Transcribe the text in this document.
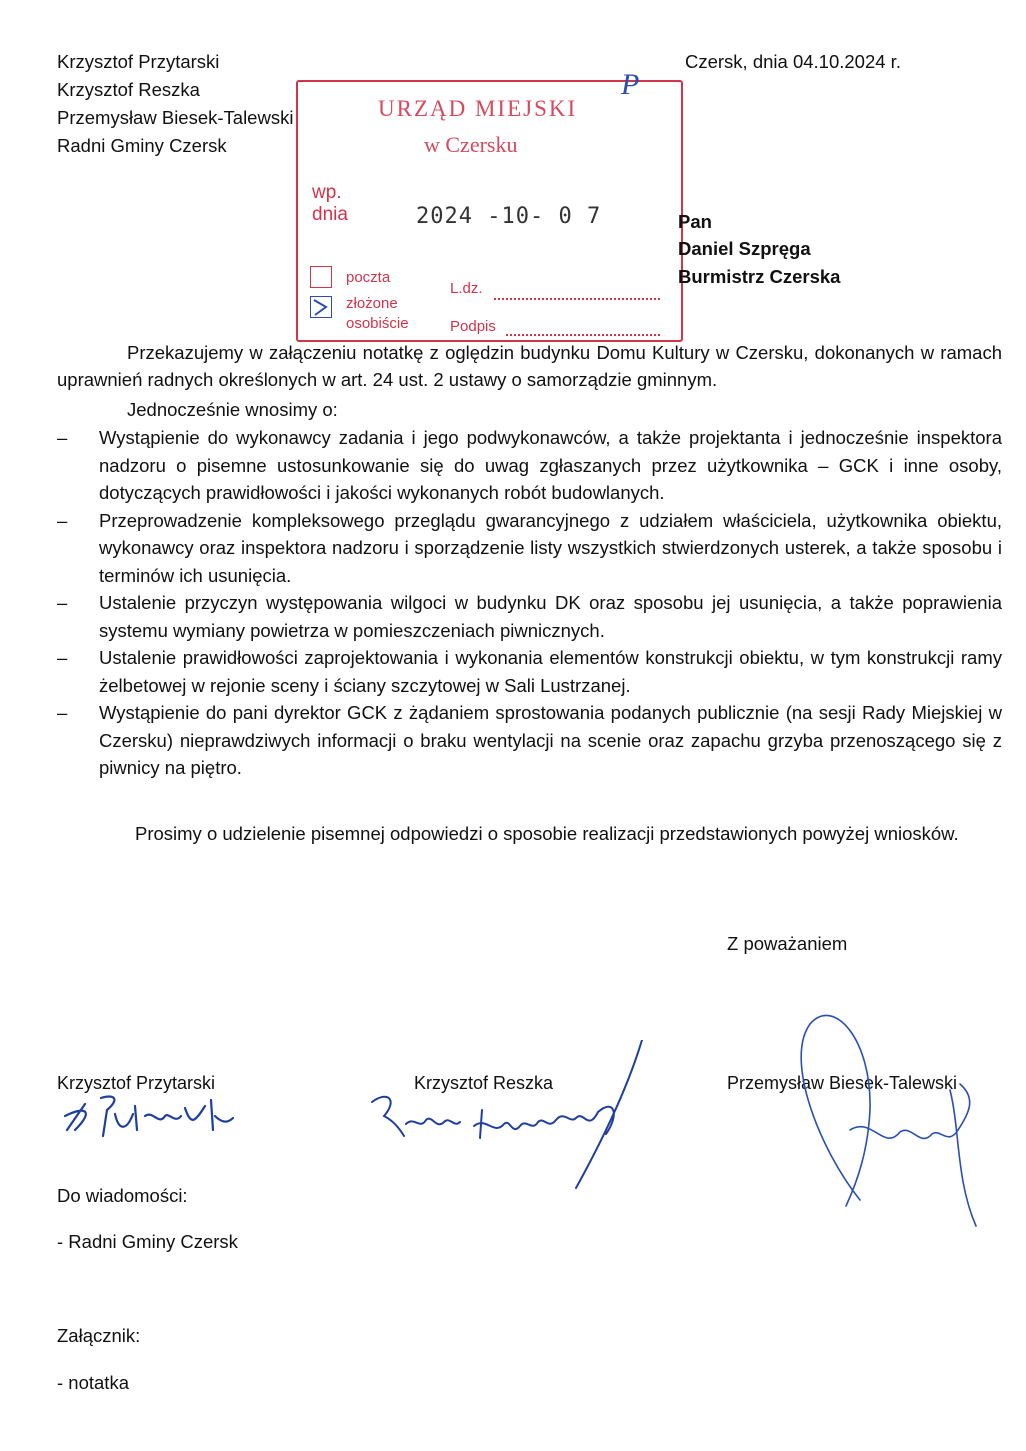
Krzysztof Przytarski
Krzysztof Reszka
Przemysław Biesek-Talewski
Radni Gminy Czersk
Czersk, dnia 04.10.2024 r.
URZĄD MIEJSKI
w Czersku
wp.
dnia	2024 -10- 0 7
poczta
złożone
osobiście
L.dz.
Podpis
P
Pan
Daniel Szpręga
Burmistrz Czerska
Przekazujemy w załączeniu notatkę z oględzin budynku Domu Kultury w Czersku, dokonanych w ramach uprawnień radnych określonych w art. 24 ust. 2 ustawy o samorządzie gminnym.
Jednocześnie wnosimy o:
–	Wystąpienie do wykonawcy zadania i jego podwykonawców, a także projektanta i jednocześnie inspektora nadzoru o pisemne ustosunkowanie się do uwag zgłaszanych przez użytkownika – GCK i inne osoby, dotyczących prawidłowości i jakości wykonanych robót budowlanych.
–	Przeprowadzenie kompleksowego przeglądu gwarancyjnego z udziałem właściciela, użytkownika obiektu, wykonawcy oraz inspektora nadzoru i sporządzenie listy wszystkich stwierdzonych usterek, a także sposobu i terminów ich usunięcia.
–	Ustalenie przyczyn występowania wilgoci w budynku DK oraz sposobu jej usunięcia, a także poprawienia systemu wymiany powietrza w pomieszczeniach piwnicznych.
–	Ustalenie prawidłowości zaprojektowania i wykonania elementów konstrukcji obiektu, w tym konstrukcji ramy żelbetowej w rejonie sceny i ściany szczytowej w Sali Lustrzanej.
–	Wystąpienie do pani dyrektor GCK z żądaniem sprostowania podanych publicznie (na sesji Rady Miejskiej w Czersku) nieprawdziwych informacji o braku wentylacji na scenie oraz zapachu grzyba przenoszącego się z piwnicy na piętro.
Prosimy o udzielenie pisemnej odpowiedzi o sposobie realizacji przedstawionych powyżej wniosków.
Z poważaniem
Krzysztof Przytarski	Krzysztof Reszka	Przemysław Biesek-Talewski
Do wiadomości:
- Radni Gminy Czersk
Załącznik:
- notatka
